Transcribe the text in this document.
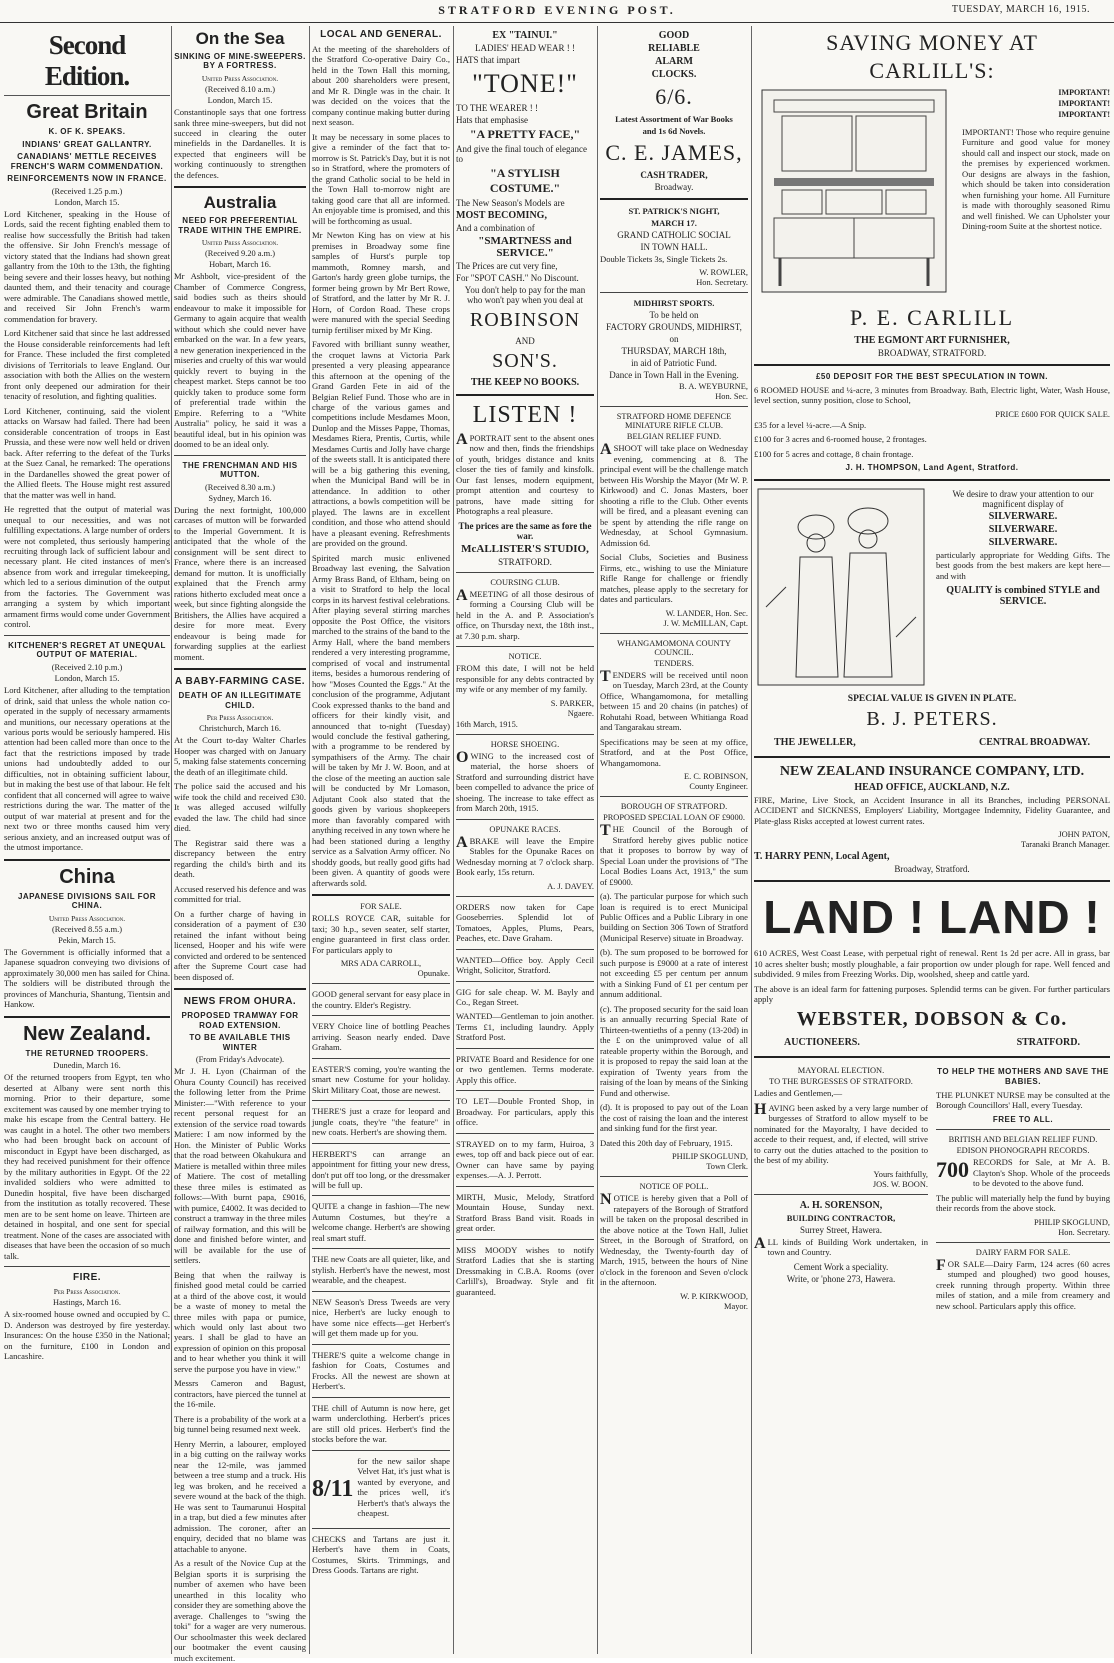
STRATFORD EVENING POST.	TUESDAY, MARCH 16, 1915.
Second Edition.
Great Britain
K. OF K. SPEAKS.
INDIANS' GREAT GALLANTRY.
CANADIANS' METTLE RECEIVES FRENCH'S WARM COMMENDATION.
REINFORCEMENTS NOW IN FRANCE.
(Received 1.25 p.m.)
London, March 15.

Lord Kitchener, speaking in the House of Lords, said the recent fighting enabled them to realise how successfully the British had taken the offensive. Sir John French's message of victory stated that the Indians had shown great gallantry from the 10th to the 13th, the fighting being severe and their losses heavy, but nothing daunted them, and their tenacity and courage were admirable. The Canadians showed mettle, and received Sir John French's warm commendation for bravery.

Lord Kitchener said that since he last addressed the House considerable reinforcements had left for France. These included the first completed divisions of Territorials to leave England. Our association with both the Allies on the western front only deepened our admiration for their tenacity of resolution, and fighting qualities.

Lord Kitchener, continuing, said the violent attacks on Warsaw had failed. There had been considerable concentration of troops in East Prussia, and these were now well held or driven back. After referring to the defeat of the Turks at the Suez Canal, he remarked: The operations in the Dardanelles showed the great power of the Allied fleets. The House might rest assured that the matter was well in hand.

He regretted that the output of material was unequal to our necessities, and was not fulfilling expectations. A large number of orders were not completed, thus seriously hampering recruiting through lack of sufficient labour and necessary plant. He cited instances of men's absence from work and irregular timekeeping, which led to a serious diminution of the output from the factories. The Government was arranging a system by which important armament firms would come under Government control.

KITCHENER'S REGRET AT UNEQUAL OUTPUT OF MATERIAL.
(Received 2.10 p.m.)
London, March 15.

Lord Kitchener, after alluding to the temptation of drink, said that unless the whole nation co-operated in the supply of necessary armaments and munitions, our necessary operations at the various ports would be seriously hampered. His attention had been called more than once to the fact that the restrictions imposed by trade unions had undoubtedly added to our difficulties, not in obtaining sufficient labour, but in making the best use of that labour. He felt confident that all concerned will agree to waive restrictions during the war. The matter of the output of war material at present and for the next two or three months caused him very serious anxiety, and an increased output was of the utmost importance.

China
JAPANESE DIVISIONS SAIL FOR CHINA.
United Press Association.
(Received 8.55 a.m.)
Pekin, March 15.

The Government is officially informed that a Japanese squadron conveying two divisions of approximately 30,000 men has sailed for China. The soldiers will be distributed through the provinces of Manchuria, Shantung, Tientsin and Hankow.

New Zealand.
THE RETURNED TROOPERS.
Dunedin, March 16.

Of the returned troopers from Egypt, ten who deserted at Albany were sent north this morning. Prior to their departure, some excitement was caused by one member trying to make his escape from the Central battery. He was caught in a hotel. The other two members who had been brought back on account of misconduct in Egypt have been discharged, as they had received punishment for their offence by the military authorities in Egypt. Of the 22 invalided soldiers who were admitted to Dunedin hospital, five have been discharged from the institution as totally recovered. These men are to be sent home on leave. Thirteen are detained in hospital, and one sent for special treatment. None of the cases are associated with diseases that have been the occasion of so much talk.

FIRE.
Per Press Association.
Hastings, March 16.

A six-roomed house owned and occupied by C. D. Anderson was destroyed by fire yesterday. Insurances: On the house £350 in the National; on the furniture, £100 in London and Lancashire.

On the Sea
SINKING OF MINE-SWEEPERS. BY A FORTRESS.
United Press Association.
(Received 8.10 a.m.)
London, March 15.

Constantinople says that one fortress sank three mine-sweepers, but did not succeed in clearing the outer minefields in the Dardanelles. It is expected that engineers will be working continuously to strengthen the defences.

Australia
NEED FOR PREFERENTIAL TRADE WITHIN THE EMPIRE.
United Press Association.
(Received 9.20 a.m.)
Hobart, March 16.

Mr Ashbolt, vice-president of the Chamber of Commerce Congress, said bodies such as theirs should endeavour to make it impossible for Germany to again acquire that wealth without which she could never have embarked on the war. In a few years, a new generation inexperienced in the miseries and cruelty of this war would quickly revert to buying in the cheapest market. Steps cannot be too quickly taken to produce some form of preferential trade within the Empire. Referring to a "White Australia" policy, he said it was a beautiful ideal, but in his opinion was doomed to be an ideal only.

THE FRENCHMAN AND HIS MUTTON.
(Received 8.30 a.m.)
Sydney, March 16.

During the next fortnight, 100,000 carcases of mutton will be forwarded to the Imperial Government. It is anticipated that the whole of the consignment will be sent direct to France, where there is an increased demand for mutton. It is unofficially explained that the French army rations hitherto excluded meat once a week, but since fighting alongside the Britishers, the Allies have acquired a desire for more meat. Every endeavour is being made for forwarding supplies at the earliest moment.

A BABY-FARMING CASE.
DEATH OF AN ILLEGITIMATE CHILD.
Per Press Association.
Christchurch, March 16.

At the Court to-day Walter Charles Hooper was charged with on January 5, making false statements concerning the death of an illegitimate child.

The police said the accused and his wife took the child and received £30. It was alleged accused wilfully evaded the law. The child had since died.

The Registrar said there was a discrepancy between the entry regarding the child's birth and its death.

Accused reserved his defence and was committed for trial.

On a further charge of having in consideration of a payment of £30 retained the infant without being licensed, Hooper and his wife were convicted and ordered to be sentenced after the Supreme Court case had been disposed of.

NEWS FROM OHURA.
PROPOSED TRAMWAY FOR ROAD EXTENSION.
TO BE AVAILABLE THIS WINTER
(From Friday's Advocate).

Mr J. H. Lyon (Chairman of the Ohura County Council) has received the following letter from the Prime Minister:—"With reference to your recent personal request for an extension of the service road towards Matiere: I am now informed by the Hon. the Minister of Public Works that the road between Okahukura and Matiere is metalled within three miles of Matiere. The cost of metalling these three miles is estimated as follows:—With burnt papa, £9016, with pumice, £4002. It was decided to construct a tramway in the three miles of railway formation, and this will be done and finished before winter, and will be available for the use of settlers.

Being that when the railway is finished good metal could be carried at a third of the above cost, it would be a waste of money to metal the three miles with papa or pumice, which would only last about two years. I shall be glad to have an expression of opinion on this proposal and to hear whether you think it will serve the purpose you have in view."

Messrs Cameron and Bagust, contractors, have pierced the tunnel at the 16-mile.

There is a probability of the work at a big tunnel being resumed next week.

Henry Merrin, a labourer, employed in a big cutting on the railway works near the 12-mile, was jammed between a tree stump and a truck. His leg was broken, and he received a severe wound at the back of the thigh. He was sent to Taumarunui Hospital in a trap, but died a few minutes after admission. The coroner, after an enquiry, decided that no blame was attachable to anyone.

As a result of the Novice Cup at the Belgian sports it is surprising the number of axemen who have been unearthed in this locality who consider they are something above the average. Challenges to "swing the toki" for a wager are very numerous. Our schoolmaster this week declared our bootmaker the event causing much excitement.

LOCAL AND GENERAL.

At the meeting of the shareholders of the Stratford Co-operative Dairy Co., held in the Town Hall this morning, about 200 shareholders were present, and Mr R. Dingle was in the chair. It was decided on the voices that the company continue making butter during next season.

It may be necessary in some places to give a reminder of the fact that to-morrow is St. Patrick's Day, but it is not so in Stratford, where the promoters of the grand Catholic social to be held in the Town Hall to-morrow night are taking good care that all are informed. An enjoyable time is promised, and this will be forthcoming as usual.

Mr Newton King has on view at his premises in Broadway some fine samples of Hurst's purple top mammoth, Romney marsh, and Garton's hardy green globe turnips, the former being grown by Mr Bert Rowe, of Stratford, and the latter by Mr R. J. Horn, of Cordon Road. These crops were manured with the special Seeding turnip fertiliser mixed by Mr King.

Favored with brilliant sunny weather, the croquet lawns at Victoria Park presented a very pleasing appearance this afternoon at the opening of the Grand Garden Fete in aid of the Belgian Relief Fund. Those who are in charge of the various games and competitions include Mesdames Moon, Dunlop and the Misses Pappe, Thomas, Mesdames Riera, Prentis, Curtis, while Mesdames Curtis and Jolly have charge of the sweets stall. It is anticipated there will be a big gathering this evening, when the Municipal Band will be in attendance. In addition to other attractions, a bowls competition will be played. The lawns are in excellent condition, and those who attend should have a pleasant evening. Refreshments are provided on the ground.

Spirited march music enlivened Broadway last evening, the Salvation Army Brass Band, of Eltham, being on a visit to Stratford to help the local corps in its harvest festival celebrations. After playing several stirring marches opposite the Post Office, the visitors marched to the strains of the band to the Army Hall, where the band members rendered a very interesting programme, comprised of vocal and instrumental items, besides a humorous rendering of how "Moses Counted the Eggs." At the conclusion of the programme, Adjutant Cook expressed thanks to the band and officers for their kindly visit, and announced that to-night (Tuesday) would conclude the festival gathering, with a programme to be rendered by sympathisers of the Army. The chair will be taken by Mr J. W. Boon, and at the close of the meeting an auction sale will be conducted by Mr Lomason, Adjutant Cook also stated that the goods given by various shopkeepers more than favorably compared with anything received in any town where he had been stationed during a lengthy service as a Salvation Army officer. No shoddy goods, but really good gifts had been given. A quantity of goods were afterwards sold.

FOR SALE.

ROLLS ROYCE CAR, suitable for taxi; 30 h.p., seven seater, self starter, engine guaranteed in first class order. For particulars apply to

MRS ADA CARROLL,
Opunake.

GOOD general servant for easy place in the country. Elder's Registry.

VERY Choice line of bottling Peaches arriving. Season nearly ended. Dave Graham.

EASTER'S coming, you're wanting the smart new Costume for your holiday. Skirt Military Coat, those are newest.

THERE'S just a craze for leopard and jungle coats, they're "the feature" in new coats. Herbert's are showing them.

HERBERT'S can arrange an appointment for fitting your new dress, don't put off too long, or the dressmaker will be full up.

QUITE a change in fashion—The new Autumn Costumes, but they're a welcome change. Herbert's are showing real smart stuff.

THE new Coats are all quieter, like, and stylish. Herbert's have the newest, most wearable, and the cheapest.

NEW Season's Dress Tweeds are very nice, Herbert's are lucky enough to have some nice effects—get Herbert's will get them made up for you.

THERE'S quite a welcome change in fashion for Coats, Costumes and Frocks. All the newest are shown at Herbert's.

THE chill of Autumn is now here, get warm underclothing. Herbert's prices are still old prices. Herbert's find the stocks before the war.

8/11

for the new sailor shape Velvet Hat, it's just what is wanted by everyone, and the prices well, it's Herbert's that's always the cheapest.

CHECKS and Tartans are just it. Herbert's have them in Coats, Costumes, Skirts. Trimmings, and Dress Goods. Tartans are right.

EX "TAINUI."
LADIES' HEAD WEAR ! !
HATS that impart
"TONE!"
TO THE WEARER ! !
Hats that emphasise
"A PRETTY FACE,"
And give the final touch of elegance to
"A STYLISH COSTUME."
The New Season's Models are
MOST BECOMING,
And a combination of
"SMARTNESS and SERVICE."
The Prices are cut very fine,
For "SPOT CASH." No Discount.
You don't help to pay for the man who won't pay when you deal at
ROBINSON
AND
SON'S.
THE KEEP NO BOOKS.
LISTEN !

APORTRAIT sent to the absent ones now and then, finds the friendships of youth, bridges distance and knits closer the ties of family and kinsfolk. Our fast lenses, modern equipment, prompt attention and courtesy to patrons, have made sitting for Photographs a real pleasure.

The prices are the same as fore the war.
McALLISTER'S STUDIO,
STRATFORD.
COURSING CLUB.

AMEETING of all those desirous of forming a Coursing Club will be held in the A. and P. Association's office, on Thursday next, the 18th inst., at 7.30 p.m. sharp.

NOTICE.

FROM this date, I will not be held responsible for any debts contracted by my wife or any member of my family.

S. PARKER,
Ngaere.
16th March, 1915.
HORSE SHOEING.

OWING to the increased cost of material, the horse shoers of Stratford and surrounding district have been compelled to advance the price of shoeing. The increase to take effect as from March 20th, 1915.

OPUNAKE RACES.

ABRAKE will leave the Empire Stables for the Opunake Races on Wednesday morning at 7 o'clock sharp. Book early, 15s return.

A. J. DAVEY.

ORDERS now taken for Cape Gooseberries. Splendid lot of Tomatoes, Apples, Plums, Pears, Peaches, etc. Dave Graham.

WANTED—Office boy. Apply Cecil Wright, Solicitor, Stratford.

GIG for sale cheap. W. M. Bayly and Co., Regan Street.

WANTED—Gentleman to join another. Terms £1, including laundry. Apply Stratford Post.

PRIVATE Board and Residence for one or two gentlemen. Terms moderate. Apply this office.

TO LET—Double Fronted Shop, in Broadway. For particulars, apply this office.

STRAYED on to my farm, Huiroa, 3 ewes, top off and back piece out of ear. Owner can have same by paying expenses.—A. J. Perrott.

MIRTH, Music, Melody, Stratford Mountain House, Sunday next. Stratford Brass Band visit. Roads in great order.

MISS MOODY wishes to notify Stratford Ladies that she is starting Dressmaking in C.B.A. Rooms (over Carlill's), Broadway. Style and fit guaranteed.

GOOD
RELIABLE
ALARM
CLOCKS.
6/6.
Latest Assortment of War Books
and 1s 6d Novels.
C. E. JAMES,
CASH TRADER,
Broadway.
ST. PATRICK'S NIGHT,
MARCH 17.
GRAND CATHOLIC SOCIAL
IN TOWN HALL.

Double Tickets 3s, Single Tickets 2s.

W. ROWLER,
Hon. Secretary.
MIDHIRST SPORTS.
To be held on
FACTORY GROUNDS, MIDHIRST,
on
THURSDAY, MARCH 18th,
in aid of Patriotic Fund.
Dance in Town Hall in the Evening.
B. A. WEYBURNE,
Hon. Sec.
STRATFORD HOME DEFENCE MINIATURE RIFLE CLUB.
BELGIAN RELIEF FUND.

ASHOOT will take place on Wednesday evening, commencing at 8. The principal event will be the challenge match between His Worship the Mayor (Mr W. P. Kirkwood) and C. Jonas Masters, boer shooting a rifle to the Club. Other events will be fired, and a pleasant evening can be spent by attending the rifle range on Wednesday, at School Gymnasium. Admission 6d.

Social Clubs, Societies and Business Firms, etc., wishing to use the Miniature Rifle Range for challenge or friendly matches, please apply to the secretary for dates and particulars.

W. LANDER, Hon. Sec.
J. W. McMILLAN, Capt.
WHANGAMOMONA COUNTY COUNCIL.
TENDERS.

TENDERS will be received until noon on Tuesday, March 23rd, at the County Office, Whangamomona, for metalling between 15 and 20 chains (in patches) of Rohutahi Road, between Whitianga Road and Tangarakau stream.

Specifications may be seen at my office, Stratford, and at the Post Office, Whangamomona.

E. C. ROBINSON,
County Engineer.
BOROUGH OF STRATFORD.
PROPOSED SPECIAL LOAN OF £9000.

THE Council of the Borough of Stratford hereby gives public notice that it proposes to borrow by way of Special Loan under the provisions of "The Local Bodies Loans Act, 1913," the sum of £9000.

(a). The particular purpose for which such loan is required is to erect Municipal Public Offices and a Public Library in one building on Section 306 Town of Stratford (Municipal Reserve) situate in Broadway.

(b). The sum proposed to be borrowed for such purpose is £9000 at a rate of interest not exceeding £5 per centum per annum with a Sinking Fund of £1 per centum per annum additional.

(c). The proposed security for the said loan is an annually recurring Special Rate of Thirteen-twentieths of a penny (13-20d) in the £ on the unimproved value of all rateable property within the Borough, and it is proposed to repay the said loan at the expiration of Twenty years from the raising of the loan by means of the Sinking Fund and otherwise.

(d). It is proposed to pay out of the Loan the cost of raising the loan and the interest and sinking fund for the first year.

Dated this 20th day of February, 1915.

PHILIP SKOGLUND,
Town Clerk.
NOTICE OF POLL.

NOTICE is hereby given that a Poll of ratepayers of the Borough of Stratford will be taken on the proposal described in the above notice at the Town Hall, Juliet Street, in the Borough of Stratford, on Wednesday, the Twenty-fourth day of March, 1915, between the hours of Nine o'clock in the forenoon and Seven o'clock in the afternoon.

W. P. KIRKWOOD,
Mayor.
SAVING MONEY AT
CARLILL'S:
IMPORTANT!
IMPORTANT!
IMPORTANT!

IMPORTANT! Those who require genuine Furniture and good value for money should call and inspect our stock, made on the premises by experienced workmen. Our designs are always in the fashion, which should be taken into consideration when furnishing your home. All Furniture is made with thoroughly seasoned Rimu and well finished. We can Upholster your Dining-room Suite at the shortest notice.

P. E. CARLILL
THE EGMONT ART FURNISHER,
BROADWAY, STRATFORD.
£50 DEPOSIT FOR THE BEST SPECULATION IN TOWN.

6 ROOMED HOUSE and ¼-acre, 3 minutes from Broadway. Bath, Electric light, Water, Wash House, level section, sunny position, close to School,

PRICE £600 FOR QUICK SALE.

£35 for a level ¼-acre.—A Snip.

£100 for 3 acres and 6-roomed house, 2 frontages.

£100 for 5 acres and cottage, 8 chain frontage.

J. H. THOMPSON, Land Agent, Stratford.
We desire to draw your attention to our magnificent display of
SILVERWARE.
SILVERWARE.
SILVERWARE.

particularly appropriate for Wedding Gifts. The best goods from the best makers are kept here—and with

QUALITY is combined STYLE and SERVICE.
SPECIAL VALUE IS GIVEN IN PLATE.
B. J. PETERS.
THE JEWELLER,	CENTRAL BROADWAY.
NEW ZEALAND INSURANCE COMPANY, LTD.
HEAD OFFICE, AUCKLAND, N.Z.

FIRE, Marine, Live Stock, an Accident Insurance in all its Branches, including PERSONAL ACCIDENT and SICKNESS, Employers' Liability, Mortgagee Indemnity, Fidelity Guarantee, and Plate-glass Risks accepted at lowest current rates.

JOHN PATON,
Taranaki Branch Manager.
T. HARRY PENN, Local Agent,
Broadway, Stratford.
LAND ! LAND !

610 ACRES, West Coast Lease, with perpetual right of renewal. Rent 1s 2d per acre. All in grass, bar 10 acres shelter bush; mostly ploughable, a fair proportion ow under plough for rape. Well fenced and subdivided. 9 miles from Freezing Works. Dip, woolshed, sheep and cattle yard.

The above is an ideal farm for fattening purposes. Splendid terms can be given. For further particulars apply

WEBSTER, DOBSON & Co.
AUCTIONEERS.	STRATFORD.
MAYORAL ELECTION.
TO THE BURGESSES OF STRATFORD.

Ladies and Gentlemen,—

HAVING been asked by a very large number of burgesses of Stratford to allow myself to be nominated for the Mayoralty, I have decided to accede to their request, and, if elected, will strive to carry out the duties attached to the position to the best of my ability.

Yours faithfully,
JOS. W. BOON.
A. H. SORENSON,
BUILDING CONTRACTOR,
Surrey Street, Hawera.

ALL kinds of Building Work undertaken, in town and Country.

Cement Work a speciality.
Write, or 'phone 273, Hawera.
TO HELP THE MOTHERS AND SAVE THE BABIES.

THE PLUNKET NURSE may be consulted at the Borough Councillors' Hall, every Tuesday.

FREE TO ALL.
BRITISH AND BELGIAN RELIEF FUND.
EDISON PHONOGRAPH RECORDS.
700 RECORDS for Sale, at Mr A. B. Clayton's Shop. Whole of the proceeds to be devoted to the above fund.

The public will materially help the fund by buying their records from the above stock.

PHILIP SKOGLUND,
Hon. Secretary.
DAIRY FARM FOR SALE.

FOR SALE—Dairy Farm, 124 acres (60 acres stumped and ploughed) two good houses, creek running through property. Within three miles of station, and a mile from creamery and new school. Particulars apply this office.
